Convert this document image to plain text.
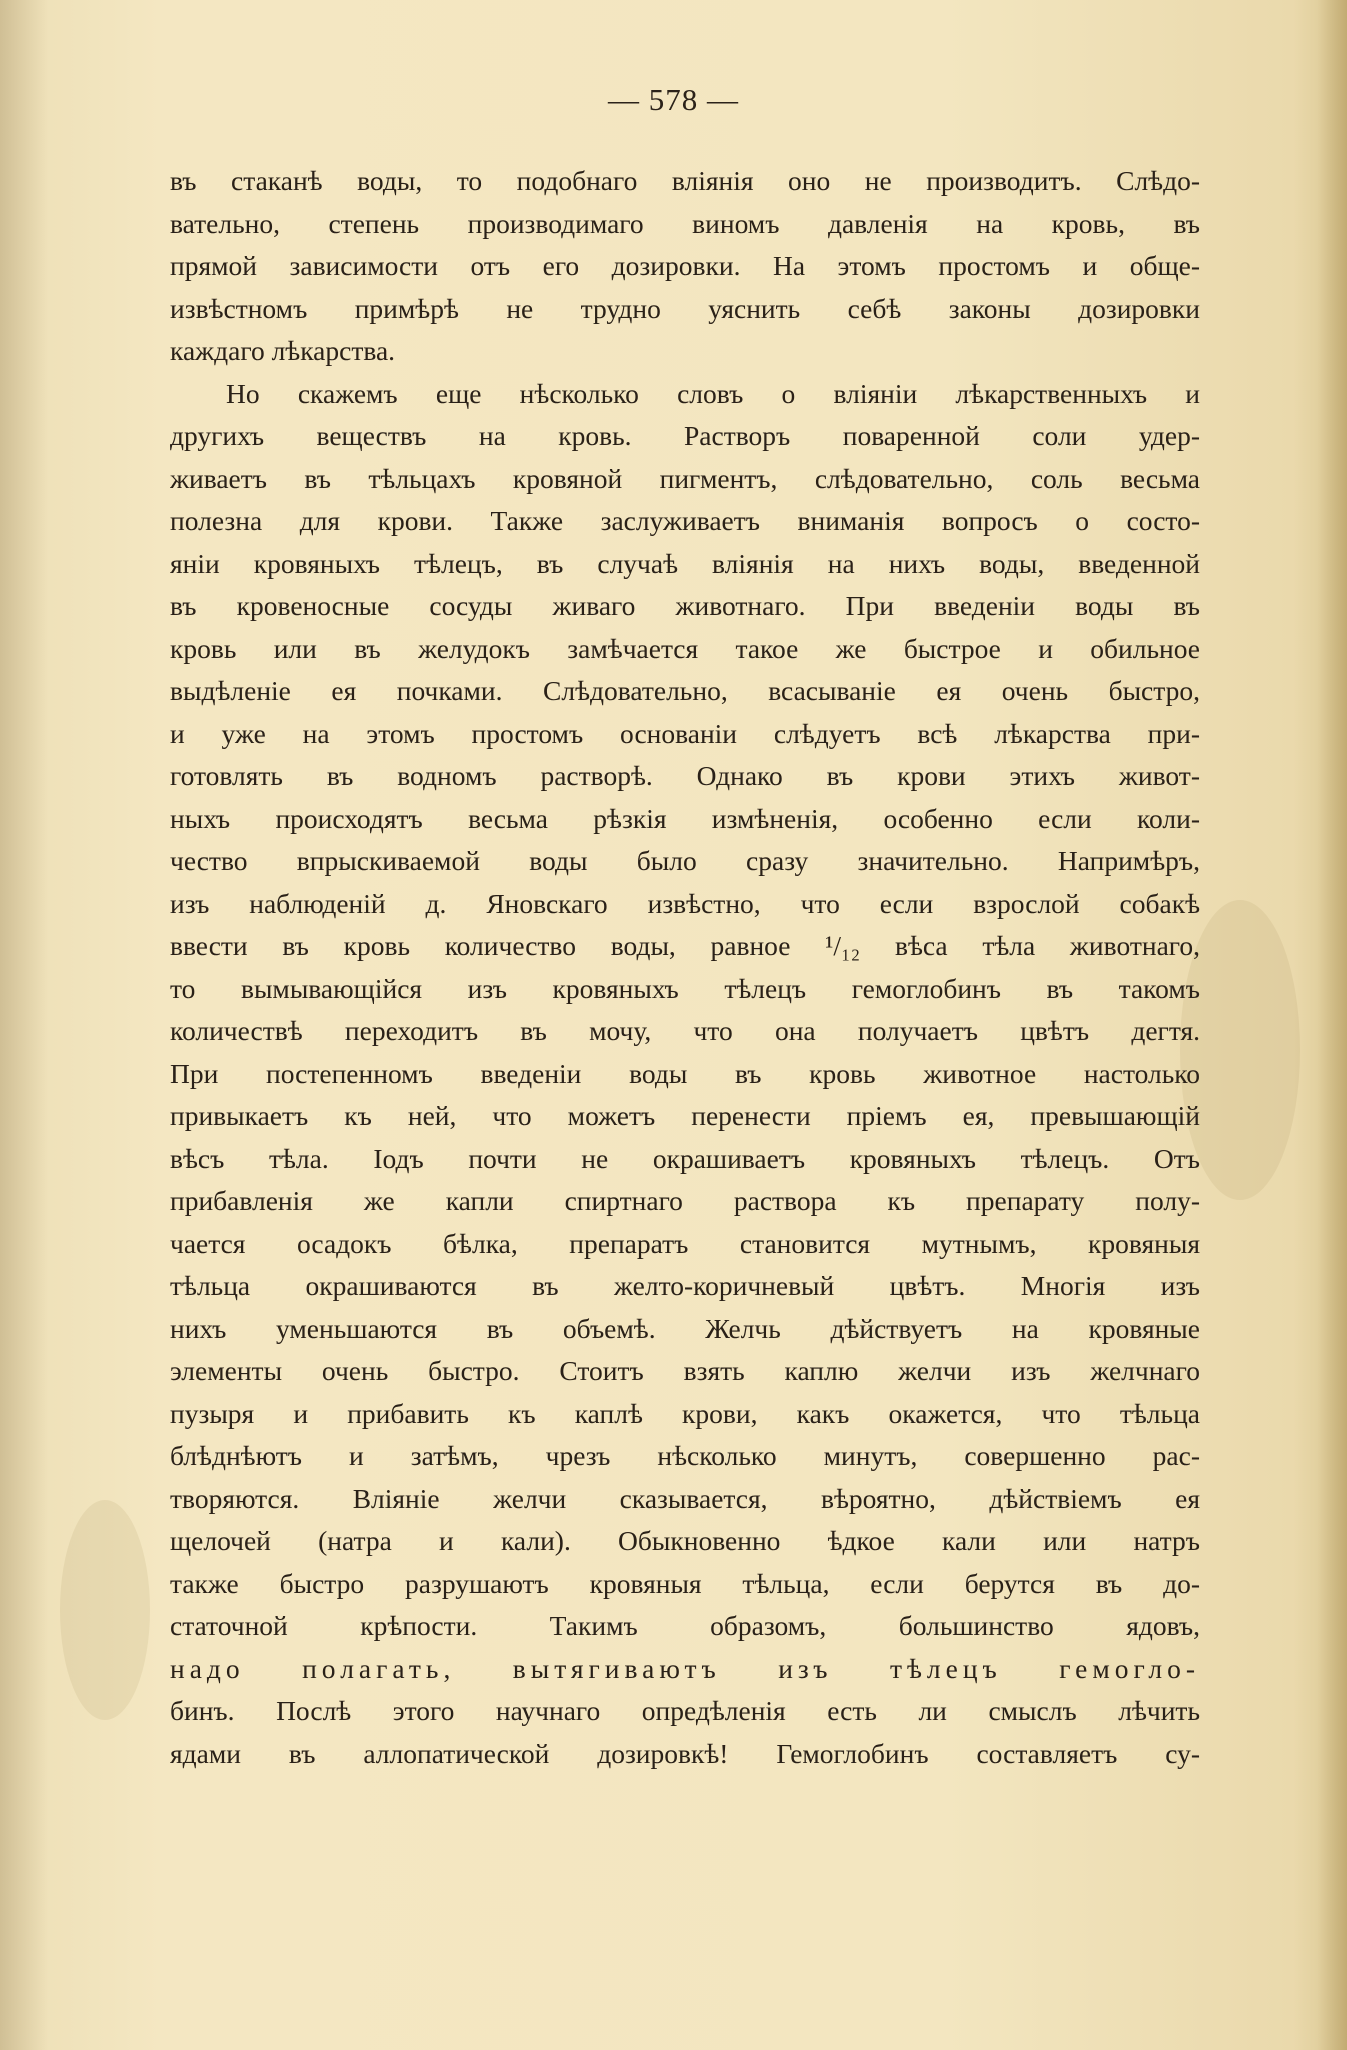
— 578 —
въ стаканѣ воды, то подобнаго вліянія оно не производитъ. Слѣдо-
вательно, степень производимаго виномъ давленія на кровь, въ
прямой зависимости отъ его дозировки. На этомъ простомъ и обще-
извѣстномъ примѣрѣ не трудно уяснить себѣ законы дозировки
каждаго лѣкарства.
Но скажемъ еще нѣсколько словъ о вліяніи лѣкарственныхъ и
другихъ веществъ на кровь. Растворъ поваренной соли удер-
живаетъ въ тѣльцахъ кровяной пигментъ, слѣдовательно, соль весьма
полезна для крови. Также заслуживаетъ вниманія вопросъ о состо-
яніи кровяныхъ тѣлецъ, въ случаѣ вліянія на нихъ воды, введенной
въ кровеносные сосуды живаго животнаго. При введеніи воды въ
кровь или въ желудокъ замѣчается такое же быстрое и обильное
выдѣленіе ея почками. Слѣдовательно, всасываніе ея очень быстро,
и уже на этомъ простомъ основаніи слѣдуетъ всѣ лѣкарства при-
готовлять въ водномъ растворѣ. Однако въ крови этихъ живот-
ныхъ происходятъ весьма рѣзкія измѣненія, особенно если коли-
чество впрыскиваемой воды было сразу значительно. Напримѣръ,
изъ наблюденій д. Яновскаго извѣстно, что если взрослой собакѣ
ввести въ кровь количество воды, равное ¹/₁₂ вѣса тѣла животнаго,
то вымывающійся изъ кровяныхъ тѣлецъ гемоглобинъ въ такомъ
количествѣ переходитъ въ мочу, что она получаетъ цвѣтъ дегтя.
При постепенномъ введеніи воды въ кровь животное настолько
привыкаетъ къ ней, что можетъ перенести пріемъ ея, превышающій
вѣсъ тѣла. Іодъ почти не окрашиваетъ кровяныхъ тѣлецъ. Отъ
прибавленія же капли спиртнаго раствора къ препарату полу-
чается осадокъ бѣлка, препаратъ становится мутнымъ, кровяныя
тѣльца окрашиваются въ желто-коричневый цвѣтъ. Многія изъ
нихъ уменьшаются въ объемѣ. Желчь дѣйствуетъ на кровяные
элементы очень быстро. Стоитъ взять каплю желчи изъ желчнаго
пузыря и прибавить къ каплѣ крови, какъ окажется, что тѣльца
блѣднѣютъ и затѣмъ, чрезъ нѣсколько минутъ, совершенно рас-
творяются. Вліяніе желчи сказывается, вѣроятно, дѣйствіемъ ея
щелочей (натра и кали). Обыкновенно ѣдкое кали или натръ
также быстро разрушаютъ кровяныя тѣльца, если берутся въ до-
статочной крѣпости. Такимъ образомъ, большинство ядовъ,
надо полагать, вытягиваютъ изъ тѣлецъ гемогло-
бинъ. Послѣ этого научнаго опредѣленія есть ли смыслъ лѣчить
ядами въ аллопатической дозировкѣ! Гемоглобинъ составляетъ су-
